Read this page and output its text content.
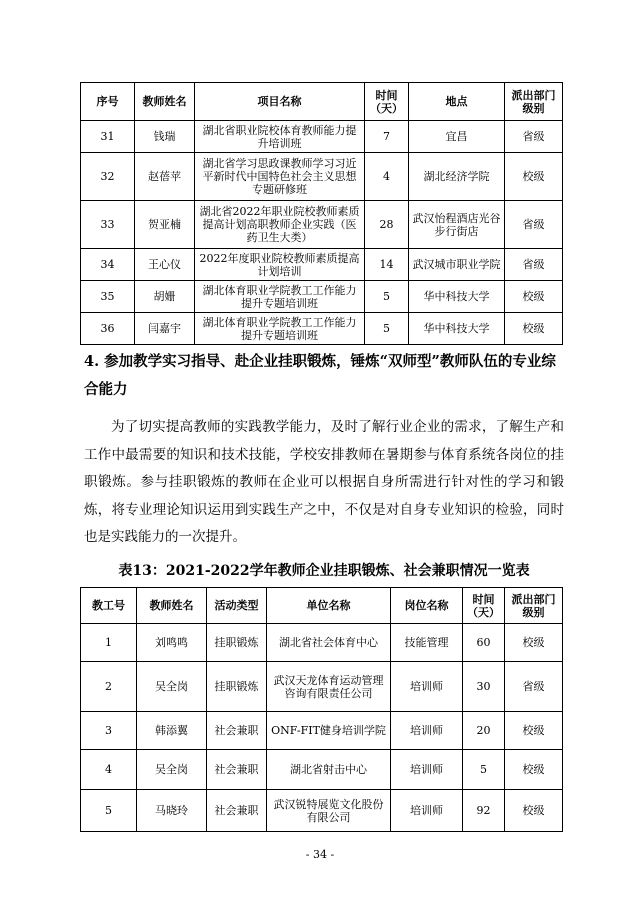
序号	教师姓名	项目名称	时间（天）	地点	派出部门级别
31	钱瑞	湖北省职业院校体育教师能力提升培训班	7	宜昌	省级
32	赵蓓苹	湖北省学习思政课教师学习习近平新时代中国特色社会主义思想专题研修班	4	湖北经济学院	校级
33	贺亚楠	湖北省2022年职业院校教师素质提高计划高职教师企业实践（医药卫生大类）	28	武汉怡程酒店光谷步行街店	省级
34	王心仪	2022年度职业院校教师素质提高计划培训	14	武汉城市职业学院	省级
35	胡姗	湖北体育职业学院教工工作能力提升专题培训班	5	华中科技大学	校级
36	闫嘉宇	湖北体育职业学院教工工作能力提升专题培训班	5	华中科技大学	校级
4. 参加教学实习指导、赴企业挂职锻炼，锤炼“双师型”教师队伍的专业综合能力
为了切实提高教师的实践教学能力，及时了解行业企业的需求，了解生产和工作中最需要的知识和技术技能，学校安排教师在暑期参与体育系统各岗位的挂职锻炼。参与挂职锻炼的教师在企业可以根据自身所需进行针对性的学习和锻炼，将专业理论知识运用到实践生产之中，不仅是对自身专业知识的检验，同时也是实践能力的一次提升。
表13：2021-2022学年教师企业挂职锻炼、社会兼职情况一览表
教工号	教师姓名	活动类型	单位名称	岗位名称	时间（天）	派出部门级别
1	刘鸣鸣	挂职锻炼	湖北省社会体育中心	技能管理	60	校级
2	吴全岗	挂职锻炼	武汉天龙体育运动管理咨询有限责任公司	培训师	30	省级
3	韩添翼	社会兼职	ONF-FIT健身培训学院	培训师	20	校级
4	吴全岗	社会兼职	湖北省射击中心	培训师	5	校级
5	马晓玲	社会兼职	武汉锐特展览文化股份有限公司	培训师	92	校级
- 34 -
